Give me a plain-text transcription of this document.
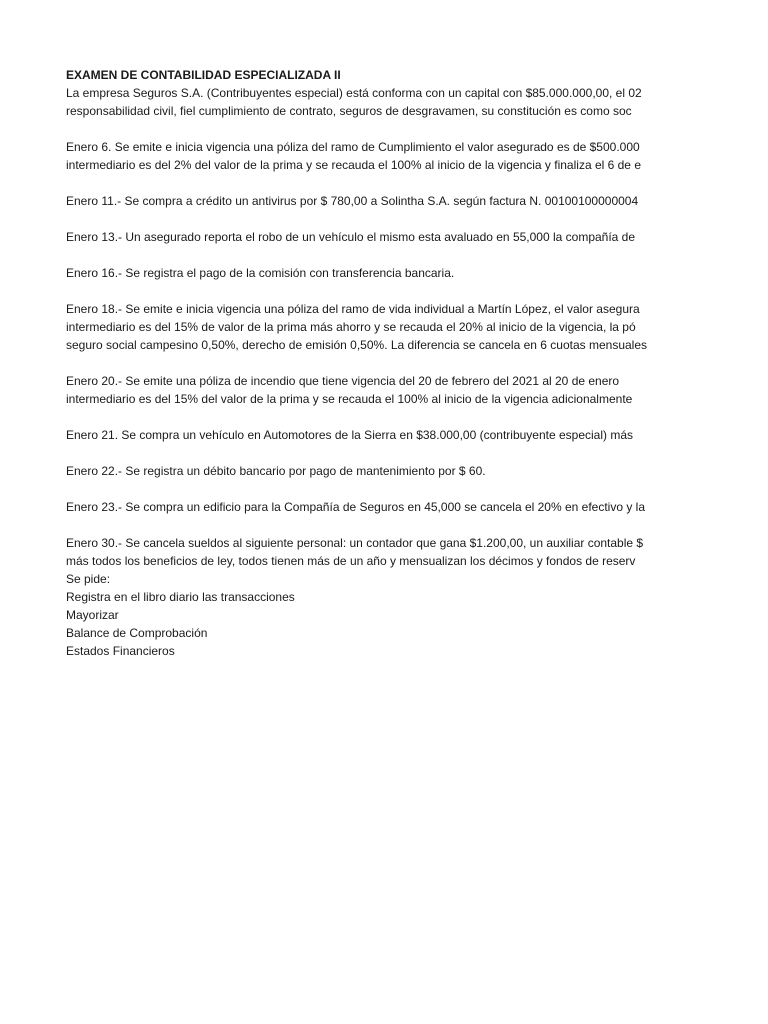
EXAMEN DE CONTABILIDAD ESPECIALIZADA II
La empresa Seguros S.A. (Contribuyentes especial) está conforma con un capital con $85.000.000,00, el 02
responsabilidad civil, fiel cumplimiento de contrato, seguros de desgravamen, su constitución es como soc
Enero 6. Se emite e inicia vigencia una póliza del ramo de Cumplimiento el valor asegurado es de $500.000
intermediario es del 2% del valor de la prima y se recauda el 100% al inicio de la vigencia y finaliza el 6 de e
Enero 11.- Se compra a crédito un antivirus por $ 780,00 a Solintha S.A. según factura N. 00100100000004
Enero 13.- Un asegurado reporta el robo de un vehículo el mismo esta avaluado en 55,000 la compañía de
Enero 16.- Se registra el pago de la comisión con transferencia bancaria.
Enero 18.- Se emite e inicia vigencia una póliza del ramo de vida individual a Martín López, el valor asegura
intermediario es del 15% de valor de la prima más ahorro y se recauda el 20% al inicio de la vigencia, la pó
seguro social campesino 0,50%, derecho de emisión 0,50%. La diferencia se cancela en 6 cuotas mensuales
Enero 20.- Se emite una póliza de incendio que tiene vigencia del 20 de febrero del 2021 al 20 de enero
intermediario es del 15% del valor de la prima y se recauda el 100% al inicio de la vigencia adicionalmente
Enero 21. Se compra un vehículo en Automotores de la Sierra en $38.000,00 (contribuyente especial) más
Enero 22.- Se registra un débito bancario por pago de mantenimiento por $ 60.
Enero 23.- Se compra un edificio para la Compañía de Seguros en 45,000 se cancela el 20% en efectivo y la
Enero 30.- Se cancela sueldos al siguiente personal: un contador que gana $1.200,00, un auxiliar contable $
más todos los beneficios de ley, todos tienen más de un año y mensualizan los décimos y fondos de reserv
Se pide:
Registra en el libro diario las transacciones
Mayorizar
Balance de Comprobación
Estados Financieros
